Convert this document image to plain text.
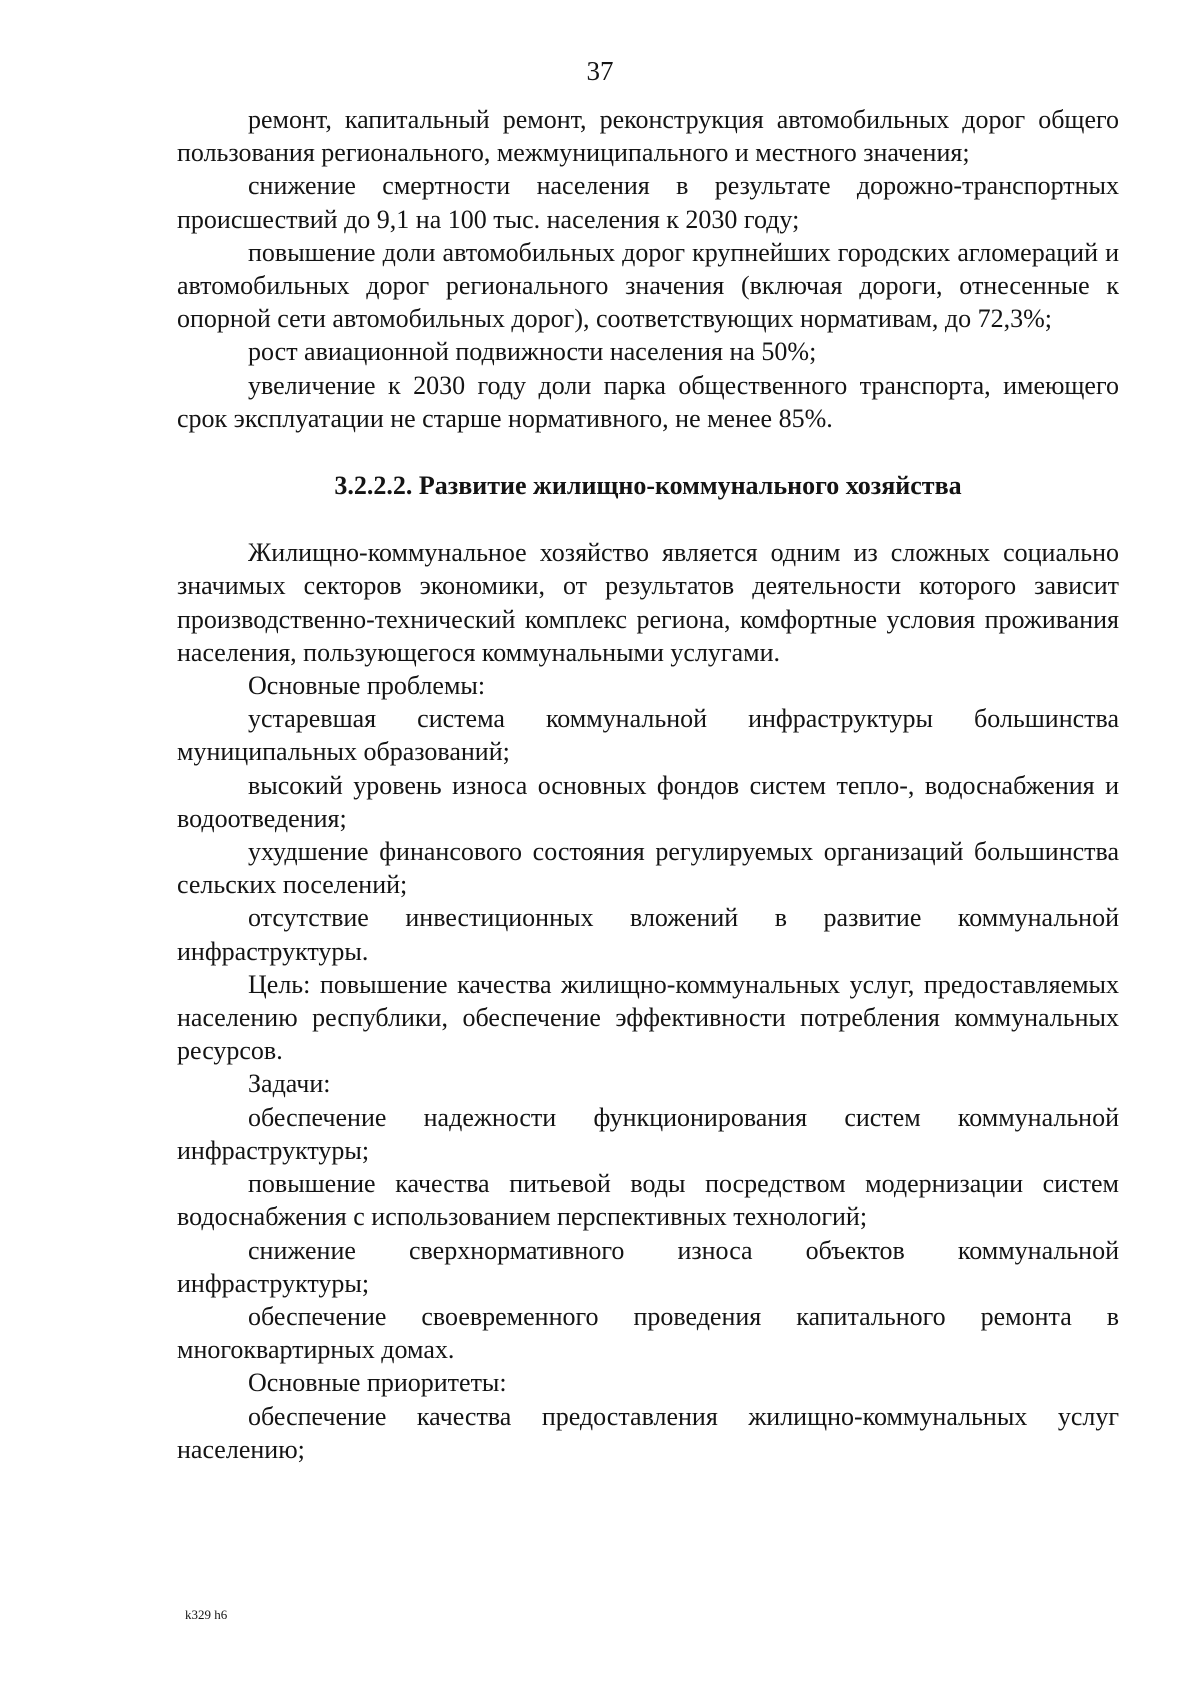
37

ремонт, капитальный ремонт, реконструкция автомобильных дорог общего пользования регионального, межмуниципального и местного значения;

снижение смертности населения в результате дорожно-транспортных происшествий до 9,1 на 100 тыс. населения к 2030 году;

повышение доли автомобильных дорог крупнейших городских агломераций и автомобильных дорог регионального значения (включая дороги, отнесенные к опорной сети автомобильных дорог), соответствующих нормативам, до 72,3%;

рост авиационной подвижности населения на 50%;

увеличение к 2030 году доли парка общественного транспорта, имеющего срок эксплуатации не старше нормативного, не менее 85%.

3.2.2.2. Развитие жилищно-коммунального хозяйства

Жилищно-коммунальное хозяйство является одним из сложных социально значимых секторов экономики, от результатов деятельности которого зависит производственно-технический комплекс региона, комфортные условия проживания населения, пользующегося коммунальными услугами.

Основные проблемы:

устаревшая система коммунальной инфраструктуры большинства муниципальных образований;

высокий уровень износа основных фондов систем тепло-, водоснабжения и водоотведения;

ухудшение финансового состояния регулируемых организаций большинства сельских поселений;

отсутствие инвестиционных вложений в развитие коммунальной инфраструктуры.

Цель: повышение качества жилищно-коммунальных услуг, предоставляемых населению республики, обеспечение эффективности потребления коммунальных ресурсов.

Задачи:

обеспечение надежности функционирования систем коммунальной инфраструктуры;

повышение качества питьевой воды посредством модернизации систем водоснабжения с использованием перспективных технологий;

снижение сверхнормативного износа объектов коммунальной инфраструктуры;

обеспечение своевременного проведения капитального ремонта в многоквартирных домах.

Основные приоритеты:

обеспечение качества предоставления жилищно-коммунальных услуг населению;

k329 h6
